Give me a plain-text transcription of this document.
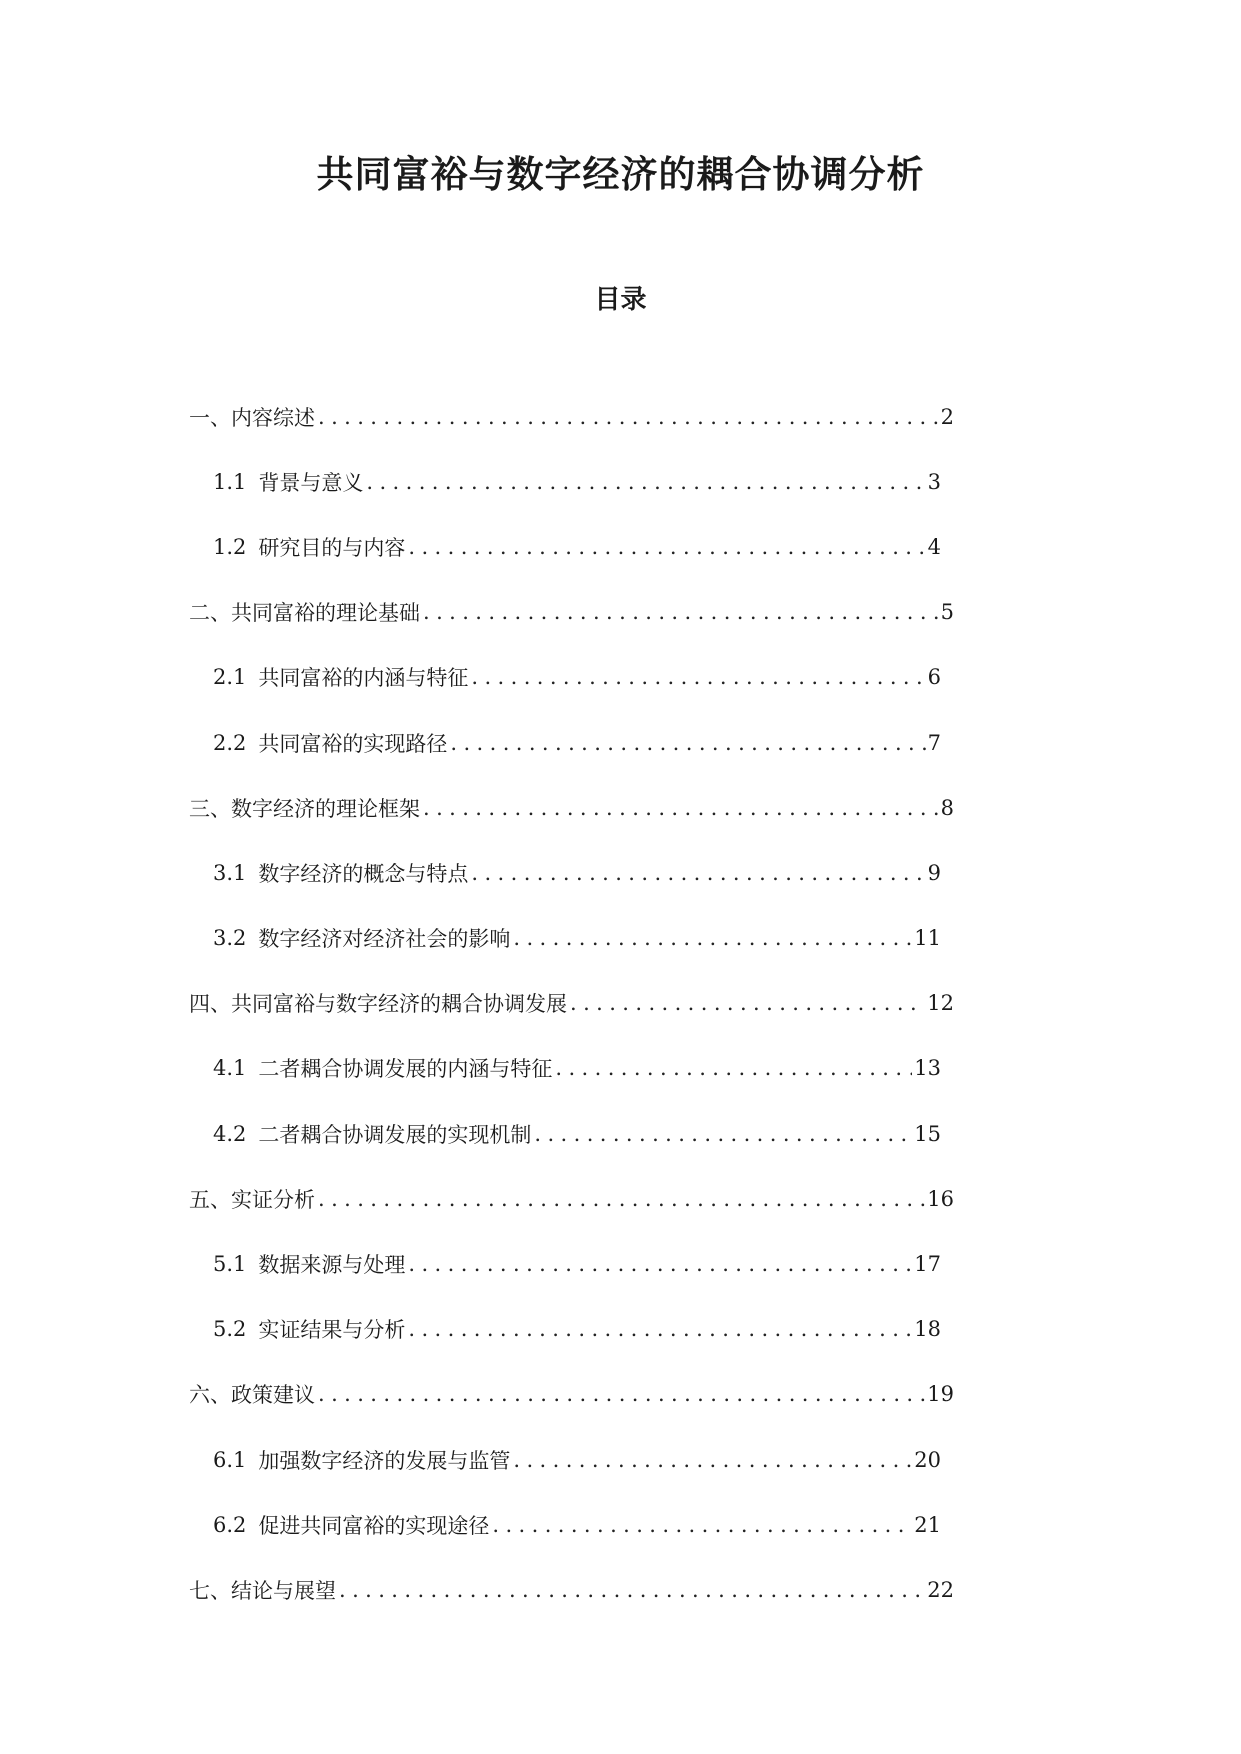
共同富裕与数字经济的耦合协调分析
目录
一、内容综述 .....	2
1.1 背景与意义 .....	3
1.2 研究目的与内容 .....	4
二、共同富裕的理论基础 .....	5
2.1 共同富裕的内涵与特征 .....	6
2.2 共同富裕的实现路径 .....	7
三、数字经济的理论框架 .....	8
3.1 数字经济的概念与特点 .....	9
3.2 数字经济对经济社会的影响 .....	11
四、共同富裕与数字经济的耦合协调发展 .....	12
4.1 二者耦合协调发展的内涵与特征 .....	13
4.2 二者耦合协调发展的实现机制 .....	15
五、实证分析 .....	16
5.1 数据来源与处理 .....	17
5.2 实证结果与分析 .....	18
六、政策建议 .....	19
6.1 加强数字经济的发展与监管 .....	20
6.2 促进共同富裕的实现途径 .....	21
七、结论与展望 .....	22
